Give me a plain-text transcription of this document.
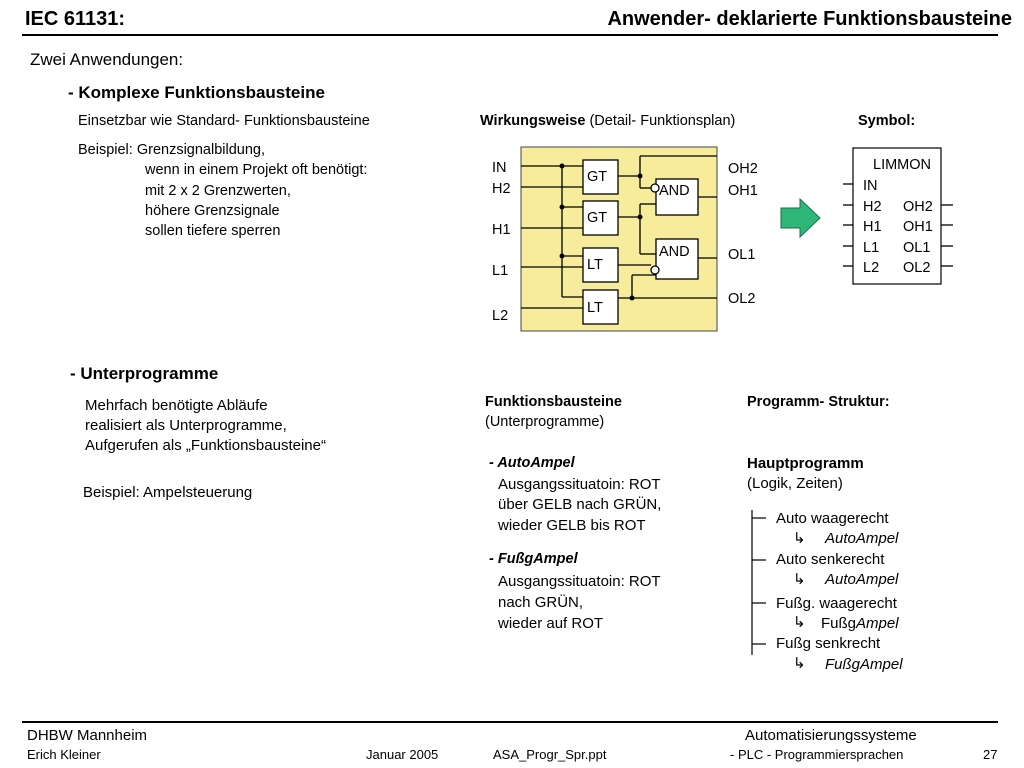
IEC 61131:	Anwender- deklarierte Funktionsbausteine
Zwei Anwendungen:
- Komplexe Funktionsbausteine
Einsetzbar wie Standard- Funktionsbausteine
Beispiel: Grenzsignalbildung,
wenn in einem Projekt oft benötigt:
mit 2 x 2 Grenzwerten,
höhere Grenzsignale
sollen tiefere sperren
Wirkungsweise (Detail- Funktionsplan)	Symbol:
GT
GT
LT
LT
AND
AND
IN
H2
H1
L1
L2
OH2
OH1
OL1
OL2
LIMMON
IN
H2 OH2
H1 OH1
L1 OL1
L2 OL2
- Unterprogramme
Mehrfach benötigte Abläufe
realisiert als Unterprogramme,
Aufgerufen als „Funktionsbausteine“
Beispiel: Ampelsteuerung
Funktionsbausteine
(Unterprogramme)
- AutoAmpel
Ausgangssituatoin: ROT
über GELB nach GRÜN,
wieder GELB bis ROT
- FußgAmpel
Ausgangssituatoin: ROT
nach GRÜN,
wieder auf ROT
Programm- Struktur:
Hauptprogramm
(Logik, Zeiten)
Auto waagerecht
↳ AutoAmpel
Auto senkerecht
↳ AutoAmpel
Fußg. waagerecht
↳ FußgAmpel
Fußg senkrecht
↳ FußgAmpel
DHBW Mannheim	Automatisierungssysteme
Erich Kleiner	Januar 2005	ASA_Progr_Spr.ppt	- PLC - Programmiersprachen	27
